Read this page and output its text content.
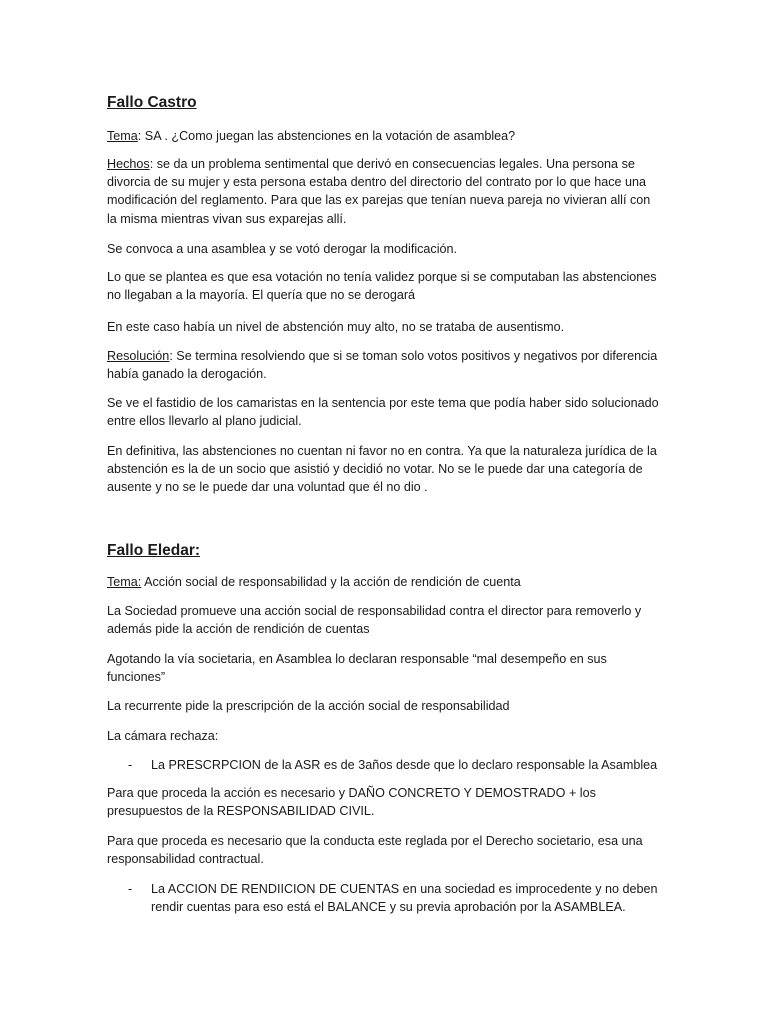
Fallo Castro

Tema: SA . ¿Como juegan las abstenciones en la votación de asamblea?

Hechos: se da un problema sentimental que derivó en consecuencias legales. Una persona se divorcia de su mujer y esta persona estaba dentro del directorio del contrato por lo que hace una modificación del reglamento. Para que las ex parejas que tenían nueva pareja no vivieran allí con la misma mientras vivan sus exparejas allí.

Se convoca a una asamblea y se votó derogar la modificación.

Lo que se plantea es que esa votación no tenía validez porque si se computaban las abstenciones no llegaban a la mayoría. El quería que no se derogará

En este caso había un nivel de abstención muy alto, no se trataba de ausentismo.

Resolución: Se termina resolviendo que si se toman solo votos positivos y negativos por diferencia había ganado la derogación.

Se ve el fastidio de los camaristas en la sentencia por este tema que podía haber sido solucionado entre ellos llevarlo al plano judicial.

En definitiva, las abstenciones no cuentan ni favor no en contra. Ya que la naturaleza jurídica de la abstención es la de un socio que asistió y decidió no votar. No se le puede dar una categoría de ausente y no se le puede dar una voluntad que él no dio .

Fallo Eledar:

Tema: Acción social de responsabilidad y la acción de rendición de cuenta

La Sociedad promueve una acción social de responsabilidad contra el director para removerlo y además pide la acción de rendición de cuentas

Agotando la vía societaria, en Asamblea lo declaran responsable “mal desempeño en sus funciones”

La recurrente pide la prescripción de la acción social de responsabilidad

La cámara rechaza:

- La PRESCRPCION de la ASR es de 3años desde que lo declaro responsable la Asamblea

Para que proceda la acción es necesario y DAÑO CONCRETO Y DEMOSTRADO + los presupuestos de la RESPONSABILIDAD CIVIL.

Para que proceda es necesario que la conducta este reglada por el Derecho societario, esa una responsabilidad contractual.

- La ACCION DE RENDIICION DE CUENTAS en una sociedad es improcedente y no deben rendir cuentas para eso está el BALANCE y su previa aprobación por la ASAMBLEA.
